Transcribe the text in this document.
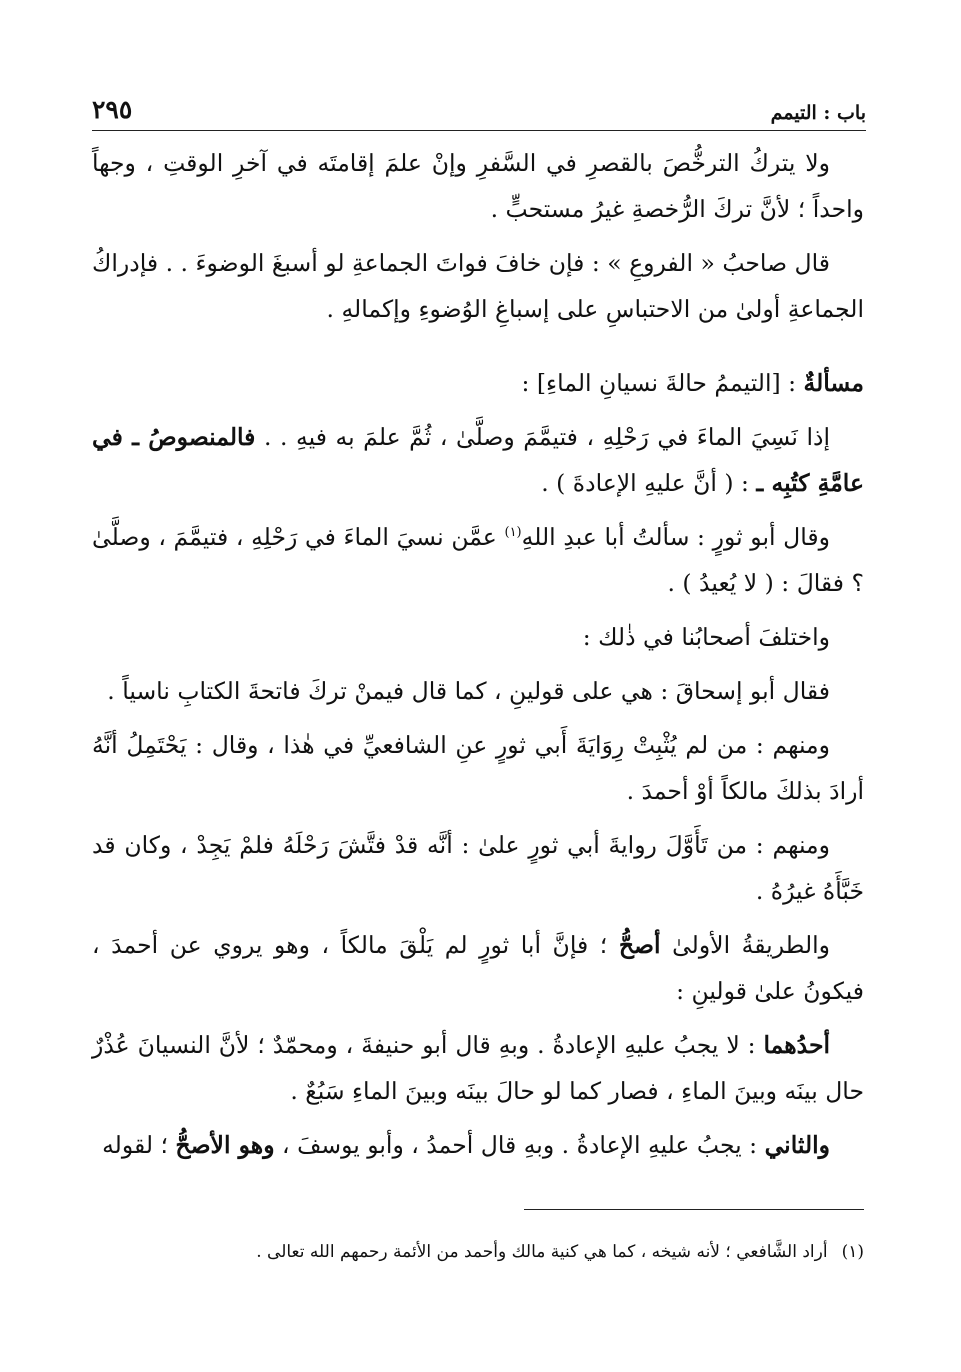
باب : التيمم
٢٩٥

ولا يتركُ الترخُّصَ بالقصرِ في السَّفرِ وإنْ علمَ إقامتَه في آخرِ الوقتِ ، وجهاً واحداً ؛ لأنَّ تركَ الرُّخصةِ غيرُ مستحبٍّ .

قال صاحبُ « الفروعِ » : فإن خافَ فواتَ الجماعةِ لو أسبغَ الوضوءَ . . فإدراكُ الجماعةِ أولىٰ من الاحتباسِ على إسباغِ الوُضوءِ وإكمالهِ .

مسألةٌ : [التيممُ حالةَ نسيانِ الماءِ] :

إذا نَسِيَ الماءَ في رَحْلِهِ ، فتيمَّمَ وصلَّىٰ ، ثُمَّ علمَ به فيهِ . . فالمنصوصُ ـ في عامَّةِ كتُبِه ـ : ( أنَّ عليهِ الإعادةَ ) .

وقال أبو ثورٍ : سألتُ أبا عبدِ اللهِ$^{(١)}$ عمَّن نسيَ الماءَ في رَحْلِهِ ، فتيمَّمَ ، وصلَّىٰ ؟ فقالَ : ( لا يُعيدُ ) .

واختلفَ أصحابُنا في ذٰلك :

فقال أبو إسحاقَ : هي على قولينِ ، كما قال فيمنْ تركَ فاتحةَ الكتابِ ناسياً .

ومنهم : من لم يُثْبِتْ رِوَايَةَ أَبي ثورٍ عنِ الشافعيِّ في هٰذا ، وقال : يَحْتَمِلُ أنَّهُ أرادَ بذلكَ مالكاً أوْ أحمدَ .

ومنهم : من تَأَوَّلَ روايةَ أبي ثورٍ علىٰ : أنَّه قدْ فتَّشَ رَحْلَهُ فلمْ يَجِدْ ، وكان قد خَبَّأَهُ غيرُهُ .

والطريقةُ الأولىٰ أصحُّ ؛ فإنَّ أبا ثورٍ لم يَلْقَ مالكاً ، وهو يروي عن أحمدَ ، فيكونُ علىٰ قولينِ :

أحدُهما : لا يجبُ عليهِ الإعادةُ . وبهِ قال أبو حنيفةَ ، ومحمّدٌ ؛ لأنَّ النسيانَ عُذْرٌ حال بينَه وبينَ الماءِ ، فصار كما لو حالَ بينَه وبينَ الماءِ سَبُعٌ .

والثاني : يجبُ عليهِ الإعادةُ . وبهِ قال أحمدُ ، وأبو يوسفَ ، وهو الأصحُّ ؛ لقوله

(١)أراد الشَّافعي ؛ لأنه شيخه ، كما هي كنية مالك وأحمد من الأئمة رحمهم الله تعالى .
